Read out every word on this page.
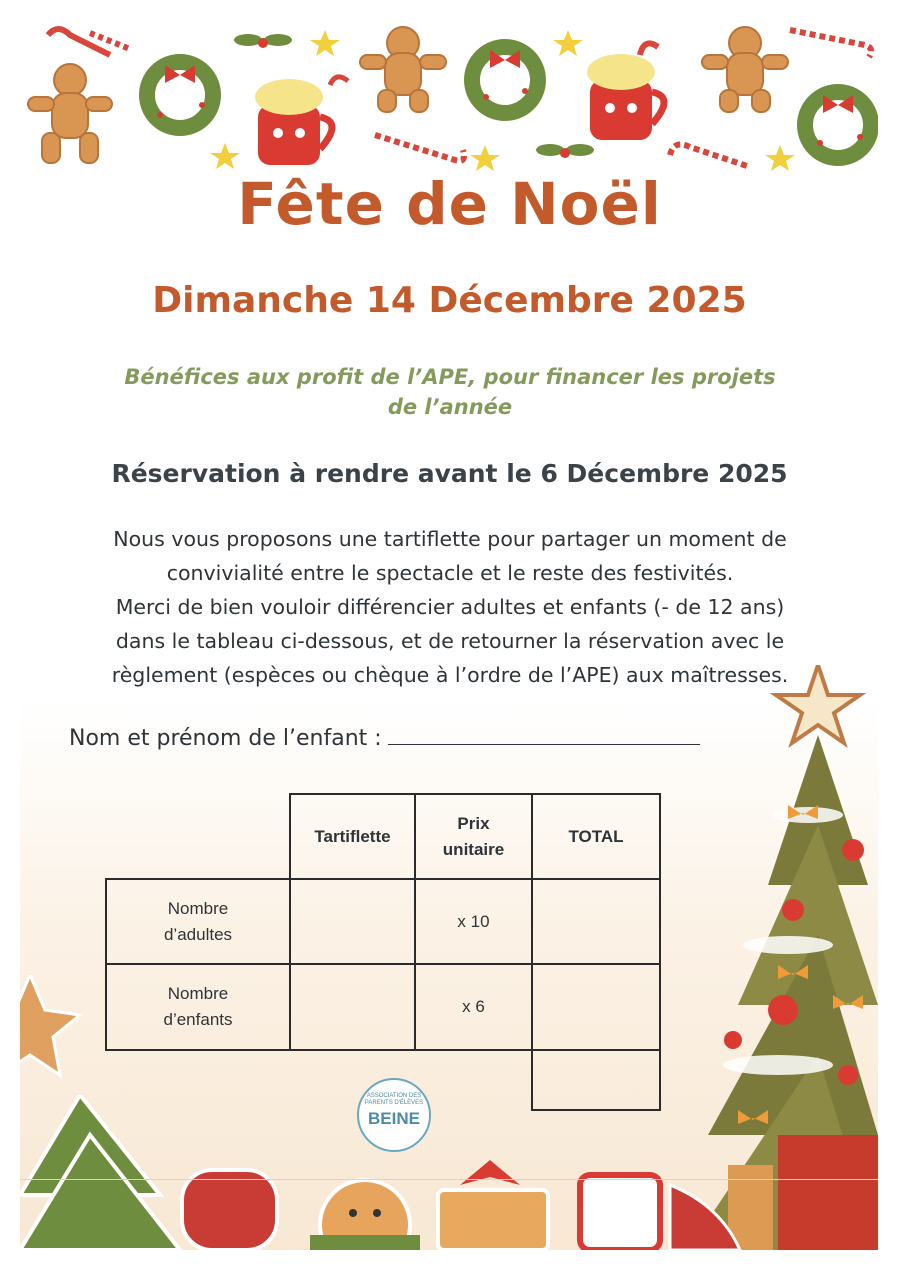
Fête de Noël
Dimanche 14 Décembre 2025
Bénéfices aux profit de l’APE, pour financer les projets
de l’année
Réservation à rendre avant le 6 Décembre 2025
Nous vous proposons une tartiflette pour partager un moment de
convivialité entre le spectacle et le reste des festivités.
Merci de bien vouloir différencier adultes et enfants (- de 12 ans)
dans le tableau ci-dessous, et de retourner la réservation avec le
règlement (espèces ou chèque à l’ordre de l’APE) aux maîtresses.
Nom et prénom de l’enfant :
Tartiflette
Prix
unitaire
TOTAL
Nombre
d’adultes
x 10
Nombre
d’enfants
x 6
ASSOCIATION DES
PARENTS D'ÉLÈVES
BEINE
